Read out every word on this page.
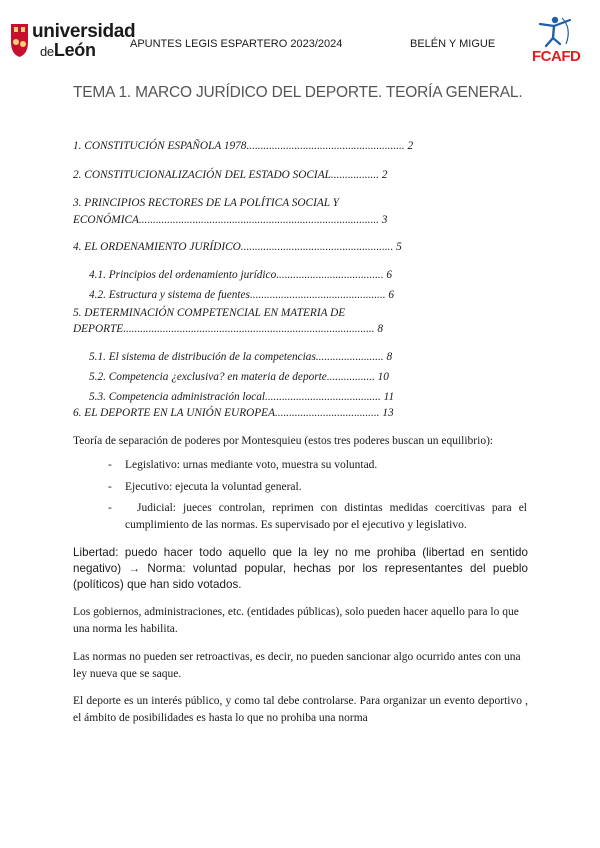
universidad
deLeón	APUNTES LEGIS ESPARTERO 2023/2024	BELÉN Y MIGUE
FCAFD
TEMA 1. MARCO JURÍDICO DEL DEPORTE. TEORÍA GENERAL.
1. CONSTITUCIÓN ESPAÑOLA 1978........................................................ 2
2. CONSTITUCIONALIZACIÓN DEL ESTADO SOCIAL................. 2
3. PRINCIPIOS RECTORES DE LA POLÍTICA SOCIAL Y
ECONÓMICA..................................................................................... 3
4. EL ORDENAMIENTO JURÍDICO...................................................... 5
4.1. Principios del ordenamiento jurídico...................................... 6
4.2. Estructura y sistema de fuentes................................................ 6
5. DETERMINACIÓN COMPETENCIAL EN MATERIA DE
DEPORTE......................................................................................... 8
5.1. El sistema de distribución de la competencias........................ 8
5.2. Competencia ¿exclusiva? en materia de deporte................. 10
5.3. Competencia administración local......................................... 11
6. EL DEPORTE EN LA UNIÓN EUROPEA..................................... 13
Teoría de separación de poderes por Montesquieu (estos tres poderes buscan un equilibrio):
- Legislativo: urnas mediante voto, muestra su voluntad.
- Ejecutivo: ejecuta la voluntad general.
-	Judicial: jueces controlan, reprimen con distintas medidas coercitivas para el cumplimiento de las normas. Es supervisado por el ejecutivo y legislativo.
Libertad: puedo hacer todo aquello que la ley no me prohiba (libertad en sentido negativo) → Norma: voluntad popular, hechas por los representantes del pueblo (políticos) que han sido votados.
Los gobiernos, administraciones, etc. (entidades públicas), solo pueden hacer aquello para lo que una norma les habilita.
Las normas no pueden ser retroactivas, es decir, no pueden sancionar algo ocurrido antes con una ley nueva que se saque.
El deporte es un interés público, y como tal debe controlarse. Para organizar un evento deportivo , el ámbito de posibilidades es hasta lo que no prohiba una norma
